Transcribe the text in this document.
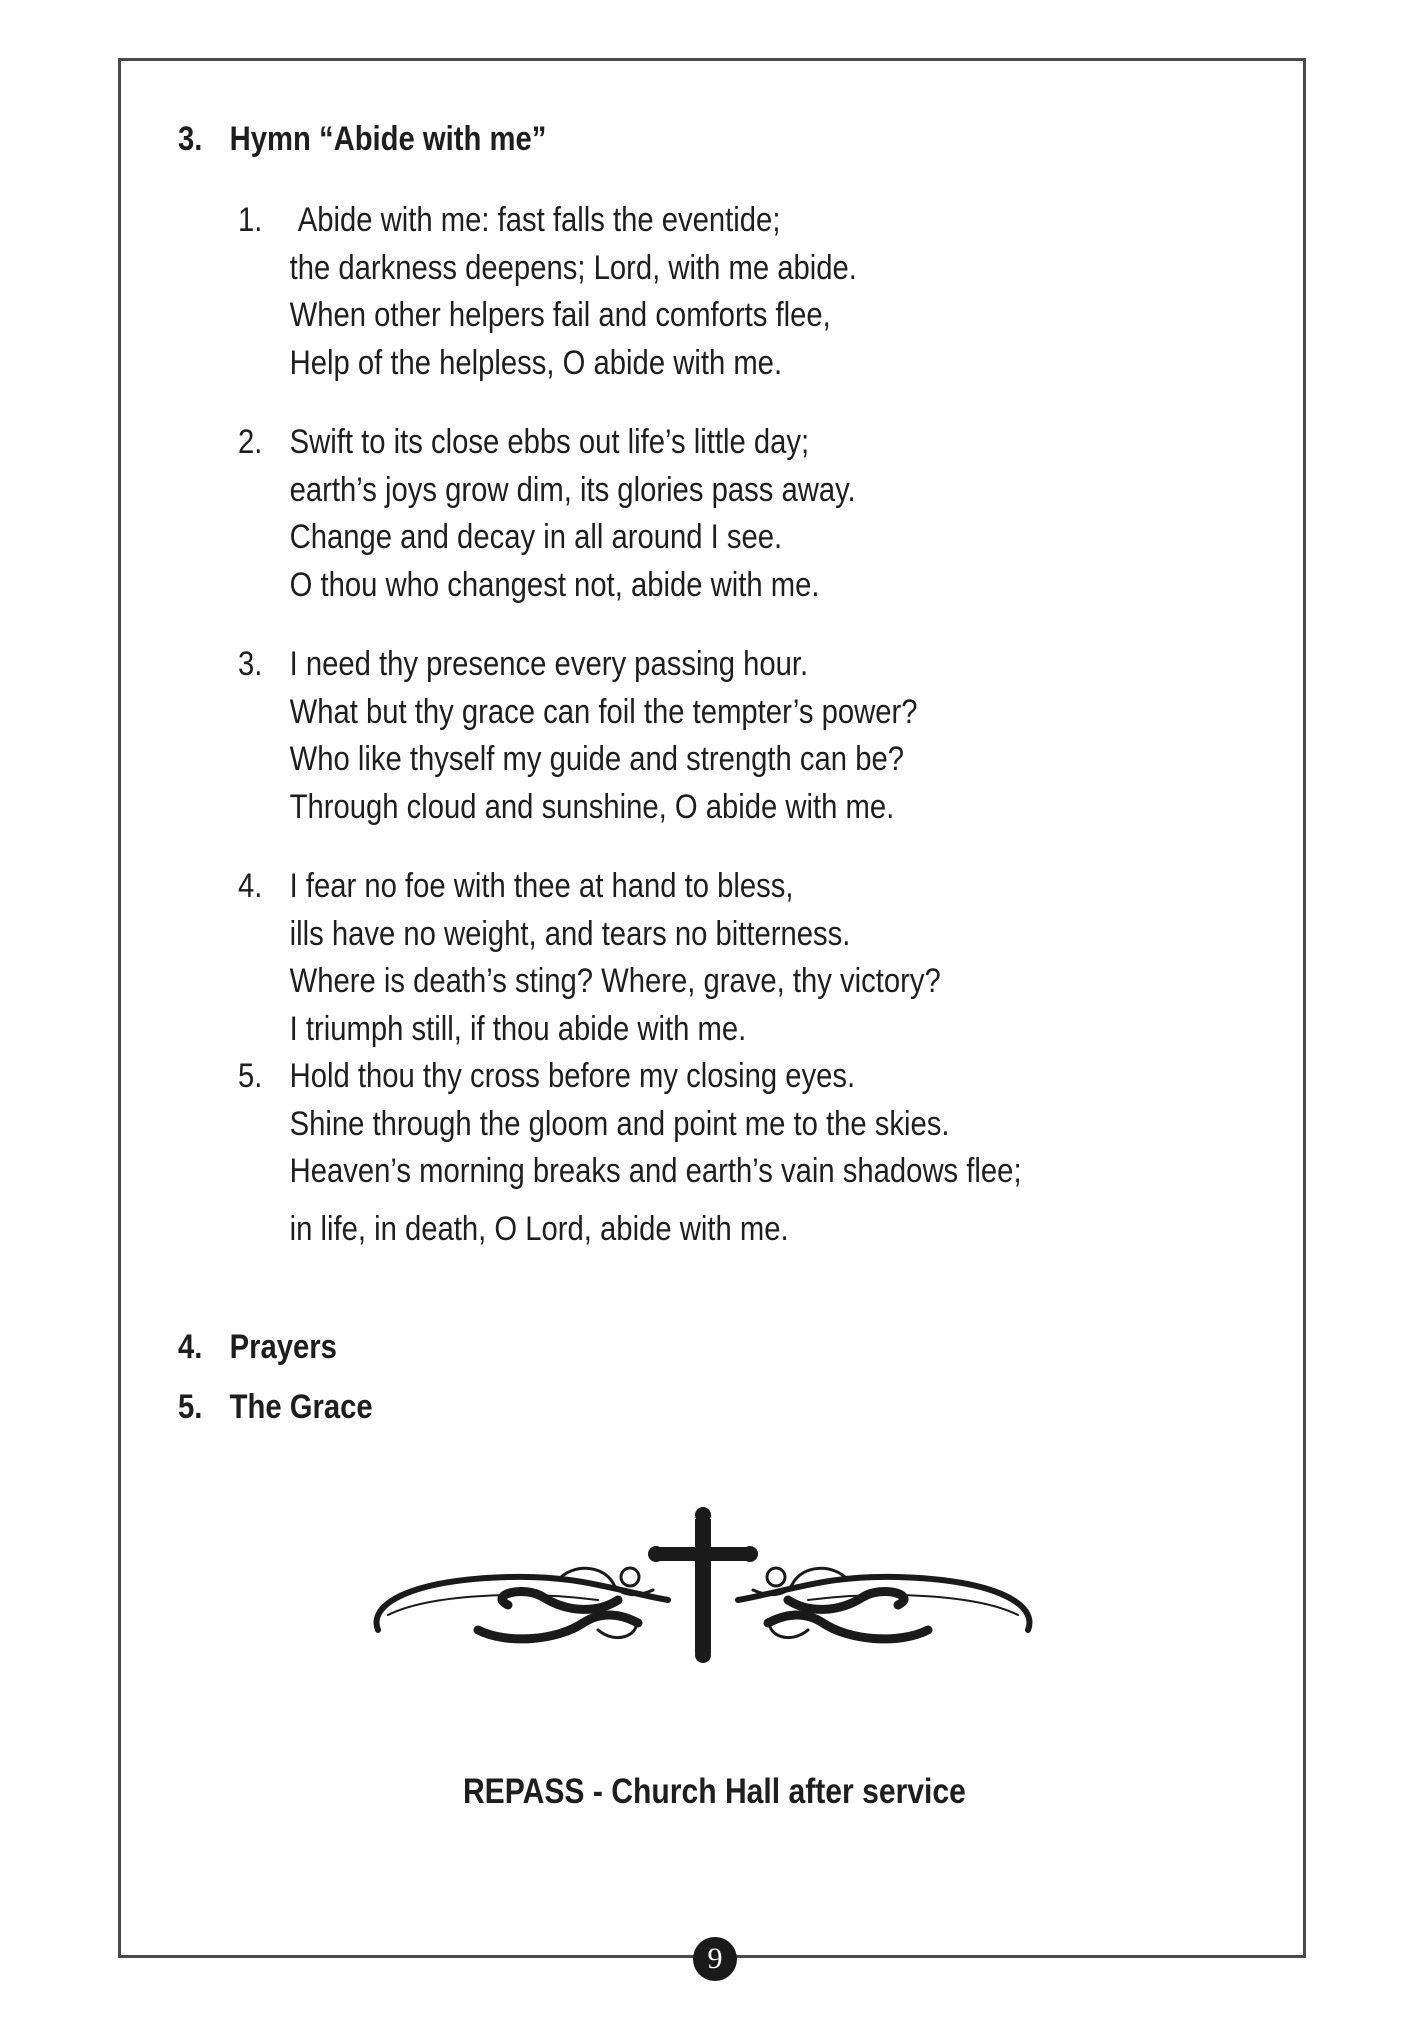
3. Hymn “Abide with me”
1. Abide with me: fast falls the eventide;
the darkness deepens; Lord, with me abide.
When other helpers fail and comforts flee,
Help of the helpless, O abide with me.
2. Swift to its close ebbs out life’s little day;
earth’s joys grow dim, its glories pass away.
Change and decay in all around I see.
O thou who changest not, abide with me.
3. I need thy presence every passing hour.
What but thy grace can foil the tempter’s power?
Who like thyself my guide and strength can be?
Through cloud and sunshine, O abide with me.
4. I fear no foe with thee at hand to bless,
ills have no weight, and tears no bitterness.
Where is death’s sting? Where, grave, thy victory?
I triumph still, if thou abide with me.
5. Hold thou thy cross before my closing eyes.
Shine through the gloom and point me to the skies.
Heaven’s morning breaks and earth’s vain shadows flee;
in life, in death, O Lord, abide with me.
4. Prayers
5. The Grace
REPASS - Church Hall after service
9
